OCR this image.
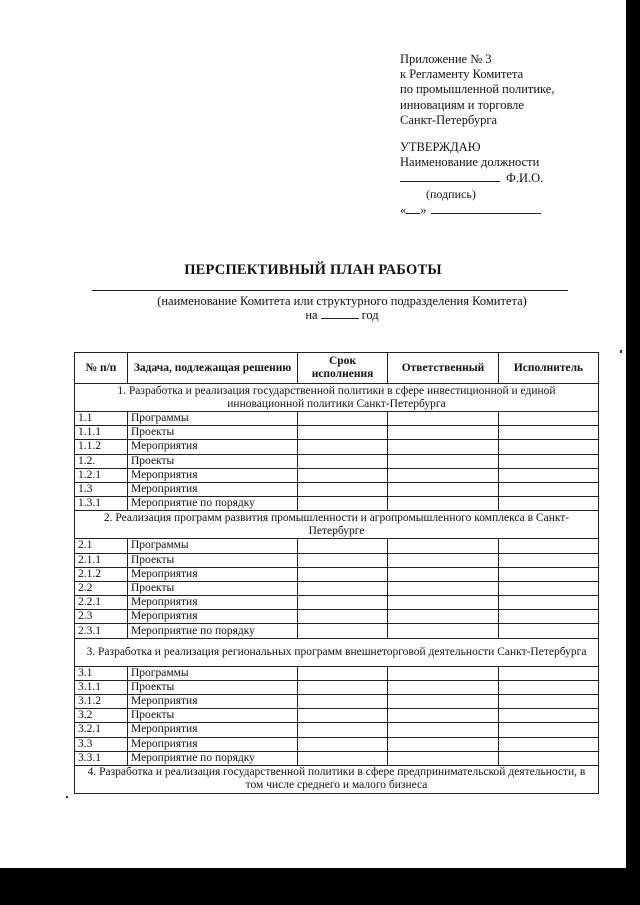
Приложение № 3
к Регламенту Комитета
по промышленной политике,
инновациям и торговле
Санкт-Петербурга
УТВЕРЖДАЮ
Наименование должности
Ф.И.О.
(подпись)
« »
ПЕРСПЕКТИВНЫЙ ПЛАН РАБОТЫ
(наименование Комитета или структурного подразделения Комитета)
на	год
№ п/п	Задача, подлежащая решению	Срок исполнения	Ответственный	Исполнитель
1. Разработка и реализация государственной политики в сфере инвестиционной и единой инновационной политики Санкт-Петербурга				
1.1	Программы			
1.1.1	Проекты			
1.1.2	Мероприятия			
1.2.	Проекты			
1.2.1	Мероприятия			
1.3	Мероприятия			
1.3.1	Мероприятие по порядку			
2. Реализация программ развития промышленности и агропромышленного комплекса в Санкт-Петербурге				
2.1	Программы			
2.1.1	Проекты			
2.1.2	Мероприятия			
2.2	Проекты			
2.2.1	Мероприятия			
2.3	Мероприятия			
2.3.1	Мероприятие по порядку			
3. Разработка и реализация региональных программ внешнеторговой деятельности Санкт-Петербурга				
3.1	Программы			
3.1.1	Проекты			
3.1.2	Мероприятия			
3.2	Проекты			
3.2.1	Мероприятия			
3.3	Мероприятия			
3.3.1	Мероприятие по порядку			
4. Разработка и реализация государственной политики в сфере предпринимательской деятельности, в том числе среднего и малого бизнеса				
